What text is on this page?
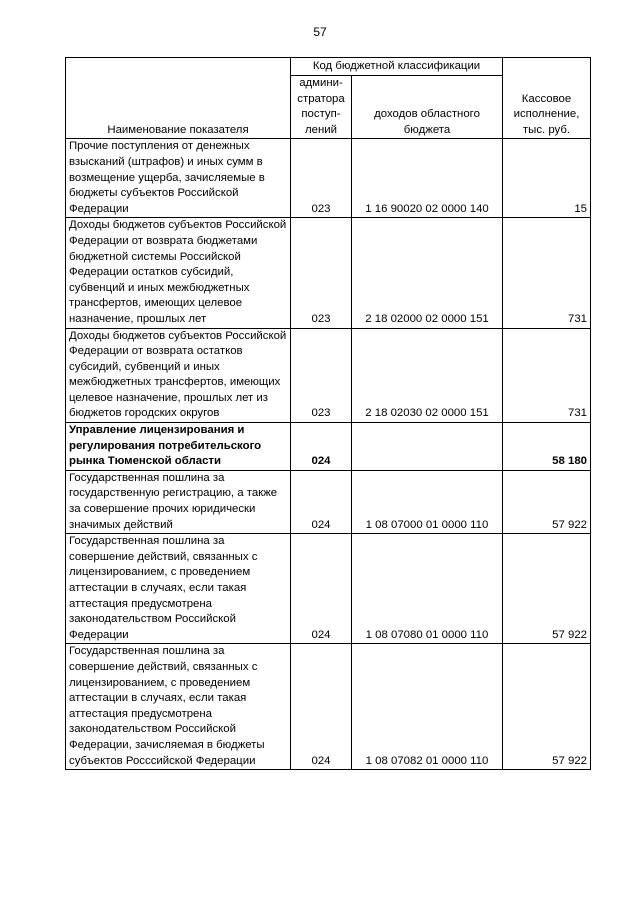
57
Наименование показателя	Код бюджетной классификации		Кассовое исполнение, тыс. руб.
	админи-стратора поступ-лений	доходов областного бюджета	
Прочие поступления от денежных взысканий (штрафов) и иных сумм в возмещение ущерба, зачисляемые в бюджеты субъектов Российской Федерации	023	1 16 90020 02 0000 140	15
Доходы бюджетов субъектов Российской Федерации от возврата бюджетами бюджетной системы Российской Федерации остатков субсидий, субвенций и иных межбюджетных трансфертов, имеющих целевое назначение, прошлых лет	023	2 18 02000 02 0000 151	731
Доходы бюджетов субъектов Российской Федерации от возврата остатков субсидий, субвенций и иных межбюджетных трансфертов, имеющих целевое назначение, прошлых лет из бюджетов городских округов	023	2 18 02030 02 0000 151	731
Управление лицензирования и регулирования потребительского рынка Тюменской области	024		58 180
Государственная пошлина за государственную регистрацию, а также за совершение прочих юридически значимых действий	024	1 08 07000 01 0000 110	57 922
Государственная пошлина за совершение действий, связанных с лицензированием, с проведением аттестации в случаях, если такая аттестация предусмотрена законодательством Российской Федерации	024	1 08 07080 01 0000 110	57 922
Государственная пошлина за совершение действий, связанных с лицензированием, с проведением аттестации в случаях, если такая аттестация предусмотрена законодательством Российской Федерации, зачисляемая в бюджеты субъектов Росссийской Федерации	024	1 08 07082 01 0000 110	57 922
